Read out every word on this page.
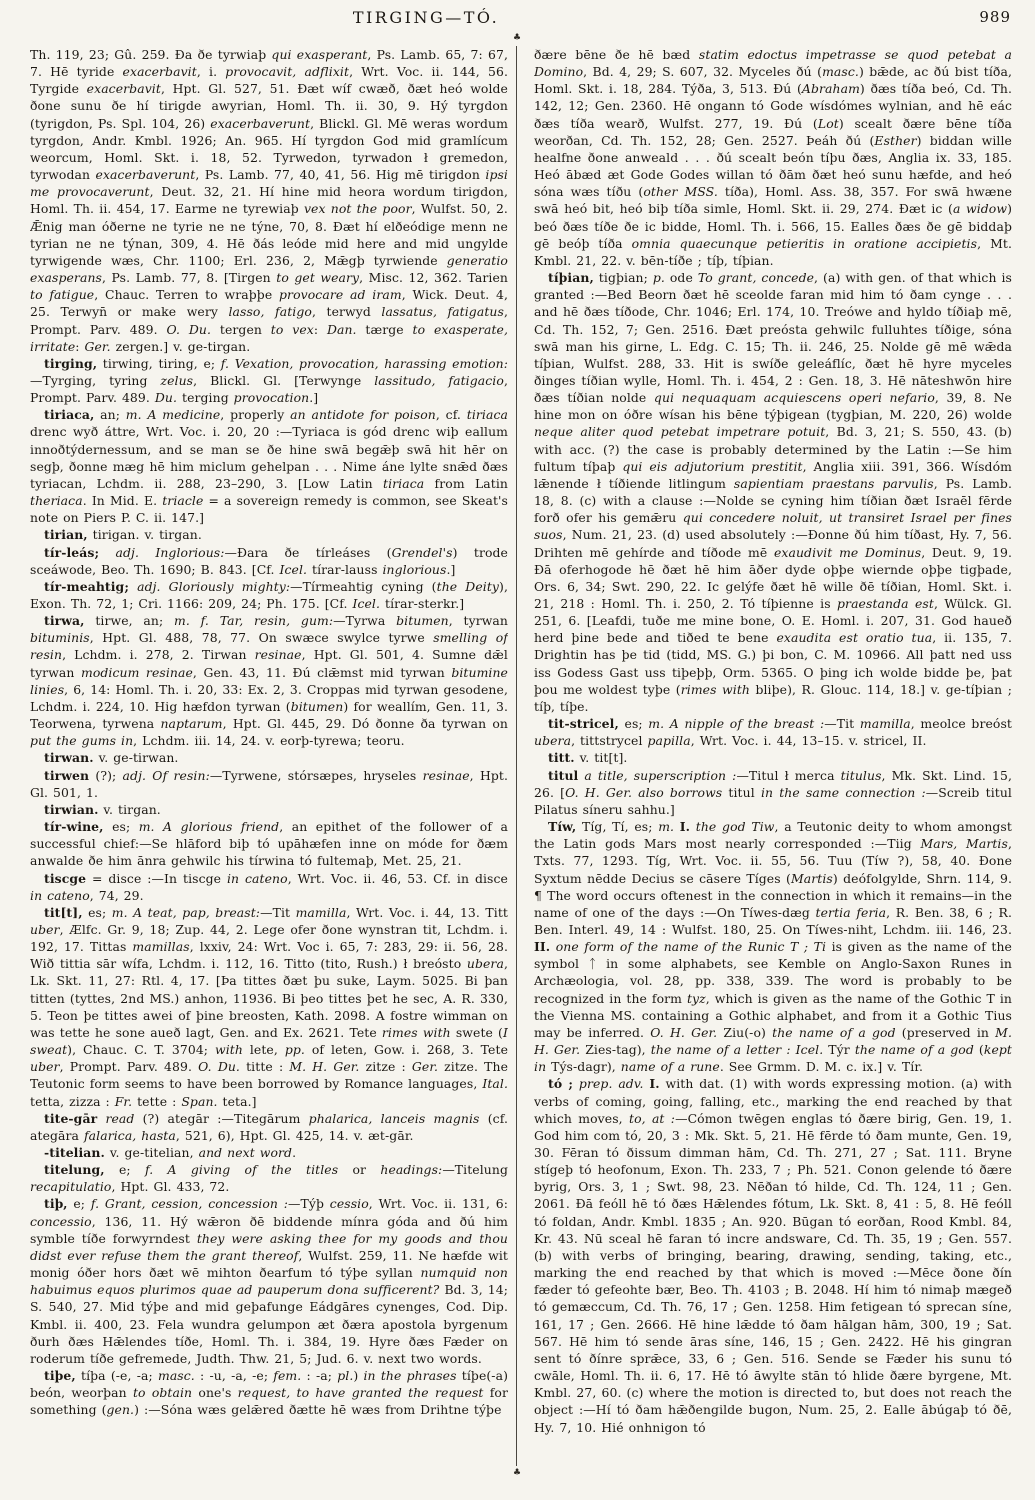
TIRGING—TÓ.	989
♣
♣

Th. 119, 23; Gû. 259. Ða ðe tyrwiaþ qui exasperant, Ps. Lamb. 65, 7: 67, 7. Hē tyride exacerbavit, i. provocavit, adflixit, Wrt. Voc. ii. 144, 56. Tyrgide exacerbavit, Hpt. Gl. 527, 51. Ðæt wíf cwæð, ðæt heó wolde ðone sunu ðe hí tirigde awyrian, Homl. Th. ii. 30, 9. Hý tyrgdon (tyrigdon, Ps. Spl. 104, 26) exacerbaverunt, Blickl. Gl. Mē weras wordum tyrgdon, Andr. Kmbl. 1926; An. 965. Hí tyrgdon God mid gramlícum weorcum, Homl. Skt. i. 18, 52. Tyrwedon, tyrwadon ł gremedon, tyrwodan exacerbaverunt, Ps. Lamb. 77, 40, 41, 56. Hig mē tirigdon ipsi me provocaverunt, Deut. 32, 21. Hí hine mid heora wordum tirigdon, Homl. Th. ii. 454, 17. Earme ne tyrewiaþ vex not the poor, Wulfst. 50, 2. Ǣnig man óðerne ne tyrie ne ne týne, 70, 8. Ðæt hí elðeódige menn ne tyrian ne ne týnan, 309, 4. Hē ðás leóde mid here and mid ungylde tyrwigende wæs, Chr. 1100; Erl. 236, 2, Mǣgþ tyrwiende generatio exasperans, Ps. Lamb. 77, 8. [Tirgen to get weary, Misc. 12, 362. Tarien to fatigue, Chauc. Terren to wraþþe provocare ad iram, Wick. Deut. 4, 25. Terwyn̄ or make wery lasso, fatigo, terwyd lassatus, fatigatus, Prompt. Parv. 489. O. Du. tergen to vex: Dan. tærge to exasperate, irritate: Ger. zergen.] v. ge-tirgan.

tirging, tirwing, tiring, e; f. Vexation, provocation, harassing emotion: —Tyrging, tyring zelus, Blickl. Gl. [Terwynge lassitudo, fatigacio, Prompt. Parv. 489. Du. terging provocation.]

tiriaca, an; m. A medicine, properly an antidote for poison, cf. tiriaca drenc wyð áttre, Wrt. Voc. i. 20, 20 :—Tyriaca is gód drenc wiþ eallum innoðtýdernessum, and se man se ðe hine swā begǣþ swā hit hēr on segþ, ðonne mæg hē him miclum gehelpan . . . Nime áne lylte snǣd ðæs tyriacan, Lchdm. ii. 288, 23–290, 3. [Low Latin tiriaca from Latin theriaca. In Mid. E. triacle = a sovereign remedy is common, see Skeat's note on Piers P. C. ii. 147.]

tirian, tirigan. v. tirgan.

tír-leás; adj. Inglorious:—Ðara ðe tírleáses (Grendel's) trode sceáwode, Beo. Th. 1690; B. 843. [Cf. Icel. tírar-lauss inglorious.]

tír-meahtig; adj. Gloriously mighty:—Tírmeahtig cyning (the Deity), Exon. Th. 72, 1; Cri. 1166: 209, 24; Ph. 175. [Cf. Icel. tírar-sterkr.]

tirwa, tirwe, an; m. f. Tar, resin, gum:—Tyrwa bitumen, tyrwan bituminis, Hpt. Gl. 488, 78, 77. On swæce swylce tyrwe smelling of resin, Lchdm. i. 278, 2. Tirwan resinae, Hpt. Gl. 501, 4. Sumne dǣl tyrwan modicum resinae, Gen. 43, 11. Ðú clǣmst mid tyrwan bitumine linies, 6, 14: Homl. Th. i. 20, 33: Ex. 2, 3. Croppas mid tyrwan gesodene, Lchdm. i. 224, 10. Hig hæfdon tyrwan (bitumen) for weallím, Gen. 11, 3. Teorwena, tyrwena naptarum, Hpt. Gl. 445, 29. Dó ðonne ða tyrwan on put the gums in, Lchdm. iii. 14, 24. v. eorþ-tyrewa; teoru.

tirwan. v. ge-tirwan.

tirwen (?); adj. Of resin:—Tyrwene, stórsæpes, hryseles resinae, Hpt. Gl. 501, 1.

tirwian. v. tirgan.

tír-wine, es; m. A glorious friend, an epithet of the follower of a successful chief:—Se hlāford biþ tó upāhæfen inne on móde for ðæm anwalde ðe him ānra gehwilc his tírwina tó fultemaþ, Met. 25, 21.

tiscge = disce :—In tiscge in cateno, Wrt. Voc. ii. 46, 53. Cf. in disce in cateno, 74, 29.

tit[t], es; m. A teat, pap, breast:—Tit mamilla, Wrt. Voc. i. 44, 13. Titt uber, Ælfc. Gr. 9, 18; Zup. 44, 2. Lege ofer ðone wynstran tit, Lchdm. i. 192, 17. Tittas mamillas, lxxiv, 24: Wrt. Voc i. 65, 7: 283, 29: ii. 56, 28. Wið tittia sār wífa, Lchdm. i. 112, 16. Titto (tito, Rush.) ł breósto ubera, Lk. Skt. 11, 27: Rtl. 4, 17. [Þa tittes ðæt þu suke, Laym. 5025. Bi þan titten (tyttes, 2nd MS.) anhon, 11936. Bi þeo tittes þet he sec, A. R. 330, 5. Teon þe tittes awei of þine breosten, Kath. 2098. A fostre wimman on was tette he sone aueð lagt, Gen. and Ex. 2621. Tete rimes with swete (I sweat), Chauc. C. T. 3704; with lete, pp. of leten, Gow. i. 268, 3. Tete uber, Prompt. Parv. 489. O. Du. titte : M. H. Ger. zitze : Ger. zitze. The Teutonic form seems to have been borrowed by Romance languages, Ital. tetta, zizza : Fr. tette : Span. teta.]

tite-gār read (?) ategār :—Titegārum phalarica, lanceis magnis (cf. ategāra falarica, hasta, 521, 6), Hpt. Gl. 425, 14. v. æt-gār.

-titelian. v. ge-titelian, and next word.

titelung, e; f. A giving of the titles or headings:—Titelung recapitulatio, Hpt. Gl. 433, 72.

tiþ, e; f. Grant, cession, concession :—Týþ cessio, Wrt. Voc. ii. 131, 6: concessio, 136, 11. Hý wǣron ðē biddende mínra góda and ðú him symble tíðe forwyrndest they were asking thee for my goods and thou didst ever refuse them the grant thereof, Wulfst. 259, 11. Ne hæfde wit monig óðer hors ðæt wē mihton ðearfum tó týþe syllan numquid non habuimus equos plurimos quae ad pauperum dona sufficerent? Bd. 3, 14; S. 540, 27. Mid týþe and mid geþafunge Eádgāres cynenges, Cod. Dip. Kmbl. ii. 400, 23. Fela wundra gelumpon æt ðæra apostola byrgenum ðurh ðæs Hǣlendes tíðe, Homl. Th. i. 384, 19. Hyre ðæs Fæder on roderum tíðe gefremede, Judth. Thw. 21, 5; Jud. 6. v. next two words.

tiþe, tíþa (-e, -a; masc. : -u, -a, -e; fem. : -a; pl.) in the phrases tíþe(-a) beón, weorþan to obtain one's request, to have granted the request for something (gen.) :—Sóna wæs gelǣred ðætte hē wæs from Drihtne týþe

ðære bēne ðe hē bæd statim edoctus impetrasse se quod petebat a Domino, Bd. 4, 29; S. 607, 32. Myceles ðú (masc.) bǣde, ac ðú bist tíða, Homl. Skt. i. 18, 284. Týða, 3, 513. Ðú (Abraham) ðæs tíða beó, Cd. Th. 142, 12; Gen. 2360. Hē ongann tó Gode wísdómes wylnian, and hē eác ðæs tíða wearð, Wulfst. 277, 19. Ðú (Lot) scealt ðære bēne tíða weorðan, Cd. Th. 152, 28; Gen. 2527. Þeáh ðú (Esther) biddan wille healfne ðone anweald . . . ðú scealt beón tíþu ðæs, Anglia ix. 33, 185. Heó ābæd æt Gode Godes willan tó ðām ðæt heó sunu hæfde, and heó sóna wæs tíðu (other MSS. tíða), Homl. Ass. 38, 357. For swā hwæne swā heó bit, heó biþ tíða simle, Homl. Skt. ii. 29, 274. Ðæt ic (a widow) beó ðæs tíðe ðe ic bidde, Homl. Th. i. 566, 15. Ealles ðæs ðe gē biddaþ gē beóþ tíða omnia quaecunque petieritis in oratione accipietis, Mt. Kmbl. 21, 22. v. bēn-tíðe ; tíþ, tíþian.

tíþian, tigþian; p. ode To grant, concede, (a) with gen. of that which is granted :—Bed Beorn ðæt hē sceolde faran mid him tó ðam cynge . . . and hē ðæs tíðode, Chr. 1046; Erl. 174, 10. Treówe and hyldo tíðiaþ mē, Cd. Th. 152, 7; Gen. 2516. Ðæt preósta gehwilc fulluhtes tíðige, sóna swā man his girne, L. Edg. C. 15; Th. ii. 246, 25. Nolde gē mē wǣda tíþian, Wulfst. 288, 33. Hit is swíðe geleáflíc, ðæt hē hyre myceles ðinges tíðian wylle, Homl. Th. i. 454, 2 : Gen. 18, 3. Hē nāteshwōn hire ðæs tíðian nolde qui nequaquam acquiescens operi nefario, 39, 8. Ne hine mon on óðre wísan his bēne týþigean (tygþian, M. 220, 26) wolde neque aliter quod petebat impetrare potuit, Bd. 3, 21; S. 550, 43. (b) with acc. (?) the case is probably determined by the Latin :—Se him fultum tíþaþ qui eis adjutorium prestitit, Anglia xiii. 391, 366. Wísdóm lǣnende ł tíðiende litlingum sapientiam praestans parvulis, Ps. Lamb. 18, 8. (c) with a clause :—Nolde se cyning him tíðian ðæt Israēl fērde forð ofer his gemǣru qui concedere noluit, ut transiret Israel per fines suos, Num. 21, 23. (d) used absolutely :—Ðonne ðú him tíðast, Hy. 7, 56. Drihten mē gehírde and tíðode mē exaudivit me Dominus, Deut. 9, 19. Ðā oferhogode hē ðæt hē him āðer dyde oþþe wiernde oþþe tigþade, Ors. 6, 34; Swt. 290, 22. Ic gelýfe ðæt hē wille ðē tíðian, Homl. Skt. i. 21, 218 : Homl. Th. i. 250, 2. Tó tíþienne is praestanda est, Wülck. Gl. 251, 6. [Leafdi, tuðe me mine bone, O. E. Homl. i. 207, 31. God haueð herd þine bede and tiðed te bene exaudita est oratio tua, ii. 135, 7. Drightin has þe tid (tidd, MS. G.) þi bon, C. M. 10966. All þatt ned uss iss Godess Gast uss tiþeþþ, Orm. 5365. O þing ich wolde bidde þe, þat þou me woldest tyþe (rimes with bliþe), R. Glouc. 114, 18.] v. ge-tíþian ; tíþ, tíþe.

tit-stricel, es; m. A nipple of the breast :—Tit mamilla, meolce breóst ubera, tittstrycel papilla, Wrt. Voc. i. 44, 13–15. v. stricel, II.

titt. v. tit[t].

titul a title, superscription :—Titul ł merca titulus, Mk. Skt. Lind. 15, 26. [O. H. Ger. also borrows titul in the same connection :—Screib titul Pilatus síneru sahhu.]

Tíw, Tíg, Tí, es; m. I. the god Tiw, a Teutonic deity to whom amongst the Latin gods Mars most nearly corresponded :—Tiig Mars, Martis, Txts. 77, 1293. Tíg, Wrt. Voc. ii. 55, 56. Tuu (Tíw ?), 58, 40. Ðone Syxtum nēdde Decius se cāsere Tíges (Martis) deófolgylde, Shrn. 114, 9. ¶ The word occurs oftenest in the connection in which it remains—in the name of one of the days :—On Tíwes-dæg tertia feria, R. Ben. 38, 6 ; R. Ben. Interl. 49, 14 : Wulfst. 180, 25. On Tíwes-niht, Lchdm. iii. 146, 23. II. one form of the name of the Runic T ; Ti is given as the name of the symbol ᛏ in some alphabets, see Kemble on Anglo-Saxon Runes in Archæologia, vol. 28, pp. 338, 339. The word is probably to be recognized in the form tyz, which is given as the name of the Gothic T in the Vienna MS. containing a Gothic alphabet, and from it a Gothic Tius may be inferred. O. H. Ger. Ziu(-o) the name of a god (preserved in M. H. Ger. Zies-tag), the name of a letter : Icel. Týr the name of a god (kept in Týs-dagr), name of a rune. See Grmm. D. M. c. ix.] v. Tír.

tó ; prep. adv. I. with dat. (1) with words expressing motion. (a) with verbs of coming, going, falling, etc., marking the end reached by that which moves, to, at :—Cómon twēgen englas tó ðære birig, Gen. 19, 1. God him com tó, 20, 3 : Mk. Skt. 5, 21. Hē fērde tó ðam munte, Gen. 19, 30. Fēran tó ðissum dimman hām, Cd. Th. 271, 27 ; Sat. 111. Bryne stígeþ tó heofonum, Exon. Th. 233, 7 ; Ph. 521. Conon gelende tó ðære byrig, Ors. 3, 1 ; Swt. 98, 23. Nēðan tó hilde, Cd. Th. 124, 11 ; Gen. 2061. Ðā feóll hē tó ðæs Hǣlendes fótum, Lk. Skt. 8, 41 : 5, 8. Hē feóll tó foldan, Andr. Kmbl. 1835 ; An. 920. Būgan tó eorðan, Rood Kmbl. 84, Kr. 43. Nū sceal hē faran tó incre andsware, Cd. Th. 35, 19 ; Gen. 557. (b) with verbs of bringing, bearing, drawing, sending, taking, etc., marking the end reached by that which is moved :—Mēce ðone ðín fæder tó gefeohte bær, Beo. Th. 4103 ; B. 2048. Hí him tó nimaþ mægeð tó gemæccum, Cd. Th. 76, 17 ; Gen. 1258. Him fetigean tó sprecan síne, 161, 17 ; Gen. 2666. Hē hine lǣdde tó ðam hālgan hām, 300, 19 ; Sat. 567. Hē him tó sende āras síne, 146, 15 ; Gen. 2422. Hē his gingran sent tó ðínre sprǣce, 33, 6 ; Gen. 516. Sende se Fæder his sunu tó cwāle, Homl. Th. ii. 6, 17. Hē tó āwylte stān tó hlide ðære byrgene, Mt. Kmbl. 27, 60. (c) where the motion is directed to, but does not reach the object :—Hí tó ðam hǣðengilde bugon, Num. 25, 2. Ealle ābúgaþ tó ðē, Hy. 7, 10. Hié onhnigon tó
